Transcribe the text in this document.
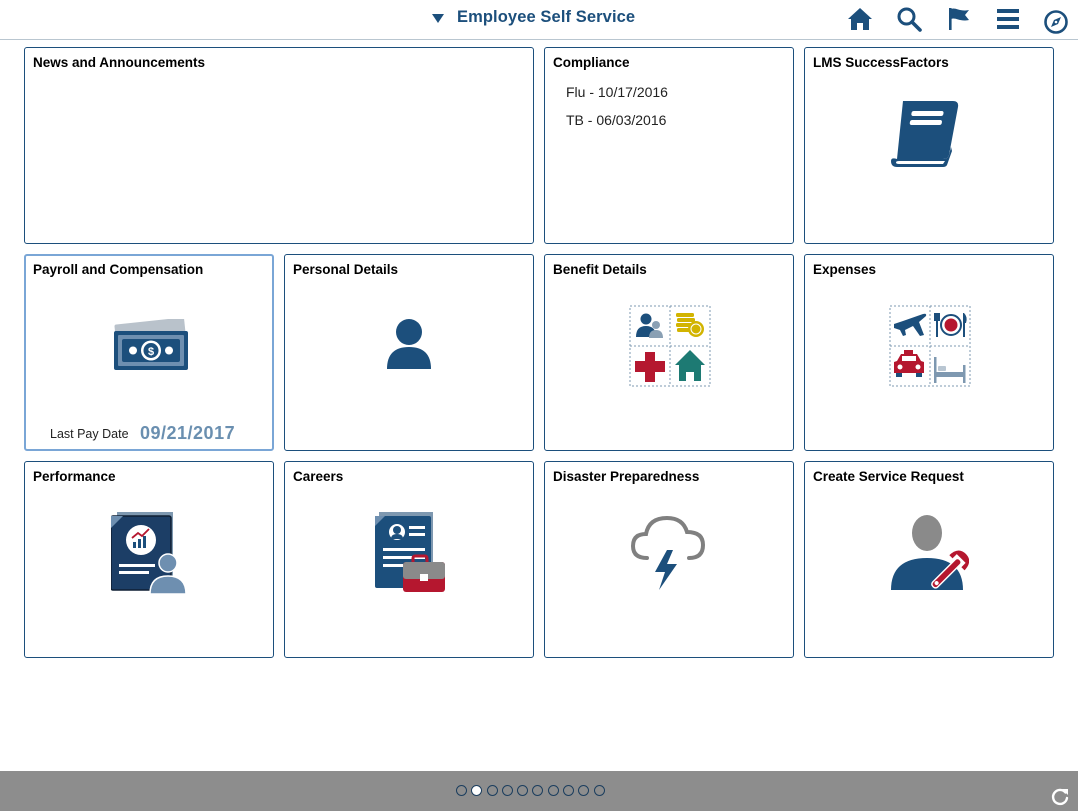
Employee Self Service
News and Announcements	Compliance
Flu - 10/17/2016
TB - 06/03/2016
LMS SuccessFactors
Payroll and Compensation
$
Last Pay Date 09/21/2017
Personal Details	Benefit Details	Expenses
Performance	Careers	Disaster Preparedness	Create Service Request
